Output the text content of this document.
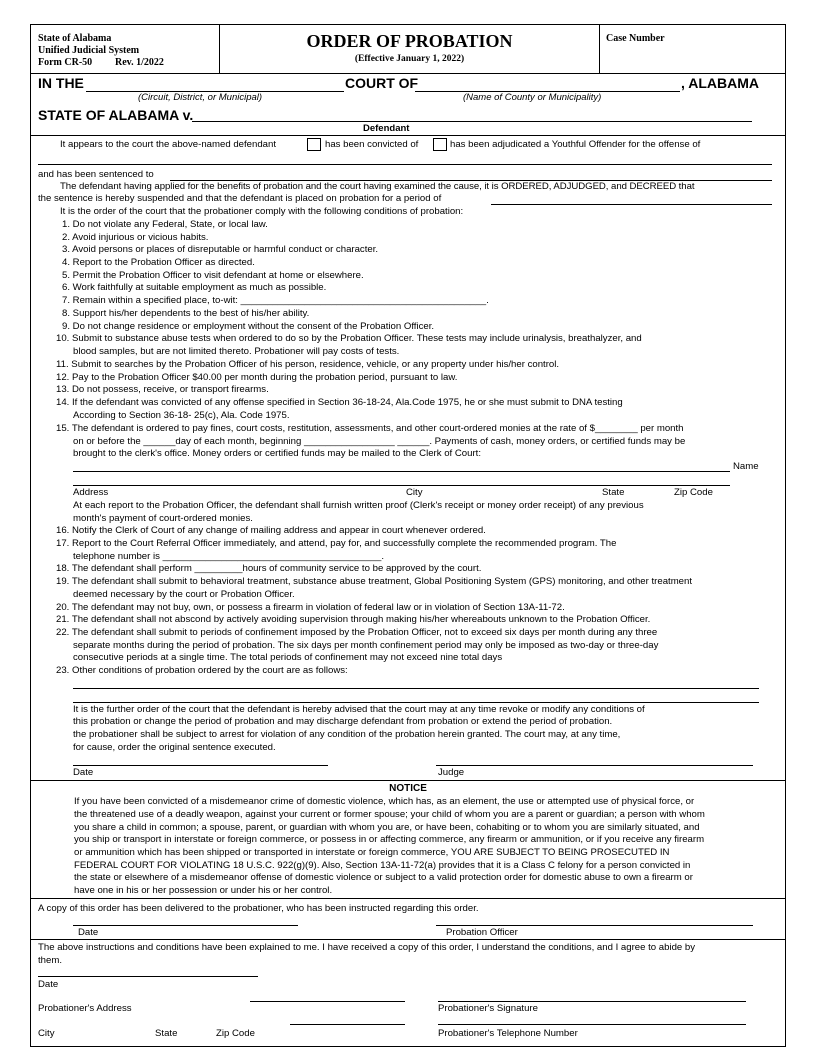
State of Alabama
Unified Judicial System
Form CR-50 Rev. 1/2022
ORDER OF PROBATION
(Effective January 1, 2022)
Case Number
IN THE	COURT OF	, ALABAMA
(Circuit, District, or Municipal)	(Name of County or Municipality)
STATE OF ALABAMA v.
Defendant
It appears to the court the above-named defendant	has been convicted of	has been adjudicated a Youthful Offender for the offense of
and has been sentenced to
The defendant having applied for the benefits of probation and the court having examined the cause, it is ORDERED, ADJUDGED, and DECREED that
the sentence is hereby suspended and that the defendant is placed on probation for a period of
It is the order of the court that the probationer comply with the following conditions of probation:
1. Do not violate any Federal, State, or local law.
2. Avoid injurious or vicious habits.
3. Avoid persons or places of disreputable or harmful conduct or character.
4. Report to the Probation Officer as directed.
5. Permit the Probation Officer to visit defendant at home or elsewhere.
6. Work faithfully at suitable employment as much as possible.
7. Remain within a specified place, to-wit: ______________________________________________.
8. Support his/her dependents to the best of his/her ability.
9. Do not change residence or employment without the consent of the Probation Officer.
10. Submit to substance abuse tests when ordered to do so by the Probation Officer. These tests may include urinalysis, breathalyzer, and
blood samples, but are not limited thereto. Probationer will pay costs of tests.
11. Submit to searches by the Probation Officer of his person, residence, vehicle, or any property under his/her control.
12. Pay to the Probation Officer $40.00 per month during the probation period, pursuant to law.
13. Do not possess, receive, or transport firearms.
14. If the defendant was convicted of any offense specified in Section 36-18-24, Ala.Code 1975, he or she must submit to DNA testing
According to Section 36-18- 25(c), Ala. Code 1975.
15. The defendant is ordered to pay fines, court costs, restitution, assessments, and other court-ordered monies at the rate of $________ per month
on or before the ______day of each month, beginning _________________ ______. Payments of cash, money orders, or certified funds may be
brought to the clerk's office. Money orders or certified funds may be mailed to the Clerk of Court:
Name
Address	City	State	Zip Code
At each report to the Probation Officer, the defendant shall furnish written proof (Clerk's receipt or money order receipt) of any previous
month's payment of court-ordered monies.
16. Notify the Clerk of Court of any change of mailing address and appear in court whenever ordered.
17. Report to the Court Referral Officer immediately, and attend, pay for, and successfully complete the recommended program. The
telephone number is _________________________________________.
18. The defendant shall perform _________hours of community service to be approved by the court.
19. The defendant shall submit to behavioral treatment, substance abuse treatment, Global Positioning System (GPS) monitoring, and other treatment
deemed necessary by the court or Probation Officer.
20. The defendant may not buy, own, or possess a firearm in violation of federal law or in violation of Section 13A-11-72.
21. The defendant shall not abscond by actively avoiding supervision through making his/her whereabouts unknown to the Probation Officer.
22. The defendant shall submit to periods of confinement imposed by the Probation Officer, not to exceed six days per month during any three
separate months during the period of probation. The six days per month confinement period may only be imposed as two-day or three-day
consecutive periods at a single time. The total periods of confinement may not exceed nine total days
23. Other conditions of probation ordered by the court are as follows:
It is the further order of the court that the defendant is hereby advised that the court may at any time revoke or modify any conditions of
this probation or change the period of probation and may discharge defendant from probation or extend the period of probation.
the probationer shall be subject to arrest for violation of any condition of the probation herein granted. The court may, at any time,
for cause, order the original sentence executed.
Date	Judge
NOTICE
If you have been convicted of a misdemeanor crime of domestic violence, which has, as an element, the use or attempted use of physical force, or
the threatened use of a deadly weapon, against your current or former spouse; your child of whom you are a parent or guardian; a person with whom
you share a child in common; a spouse, parent, or guardian with whom you are, or have been, cohabiting or to whom you are similarly situated, and
you ship or transport in interstate or foreign commerce, or possess in or affecting commerce, any firearm or ammunition, or if you receive any firearm
or ammunition which has been shipped or transported in interstate or foreign commerce, YOU ARE SUBJECT TO BEING PROSECUTED IN
FEDERAL COURT FOR VIOLATING 18 U.S.C. 922(g)(9). Also, Section 13A-11-72(a) provides that it is a Class C felony for a person convicted in
the state or elsewhere of a misdemeanor offense of domestic violence or subject to a valid protection order for domestic abuse to own a firearm or
have one in his or her possession or under his or her control.
A copy of this order has been delivered to the probationer, who has been instructed regarding this order.
Date	Probation Officer
The above instructions and conditions have been explained to me. I have received a copy of this order, I understand the conditions, and I agree to abide by
them.
Date
Probationer's Address	Probationer's Signature
City	State	Zip Code	Probationer's Telephone Number
